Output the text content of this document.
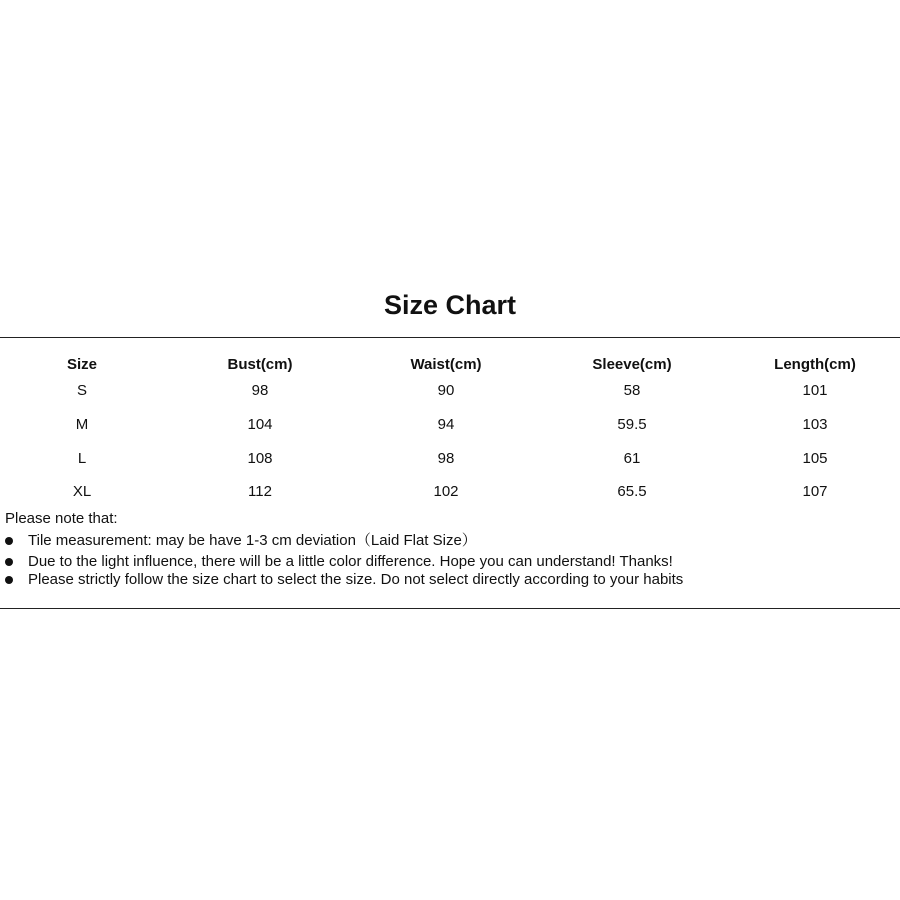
Size Chart
Size	Bust(cm)	Waist(cm)	Sleeve(cm)	Length(cm)
S	98	90	58	101
M	104	94	59.5	103
L	108	98	61	105
XL	112	102	65.5	107
Please note that:
Tile measurement: may be have 1-3 cm deviation（Laid Flat Size）
Due to the light influence, there will be a little color difference. Hope you can understand! Thanks!
Please strictly follow the size chart to select the size. Do not select directly according to your habits
